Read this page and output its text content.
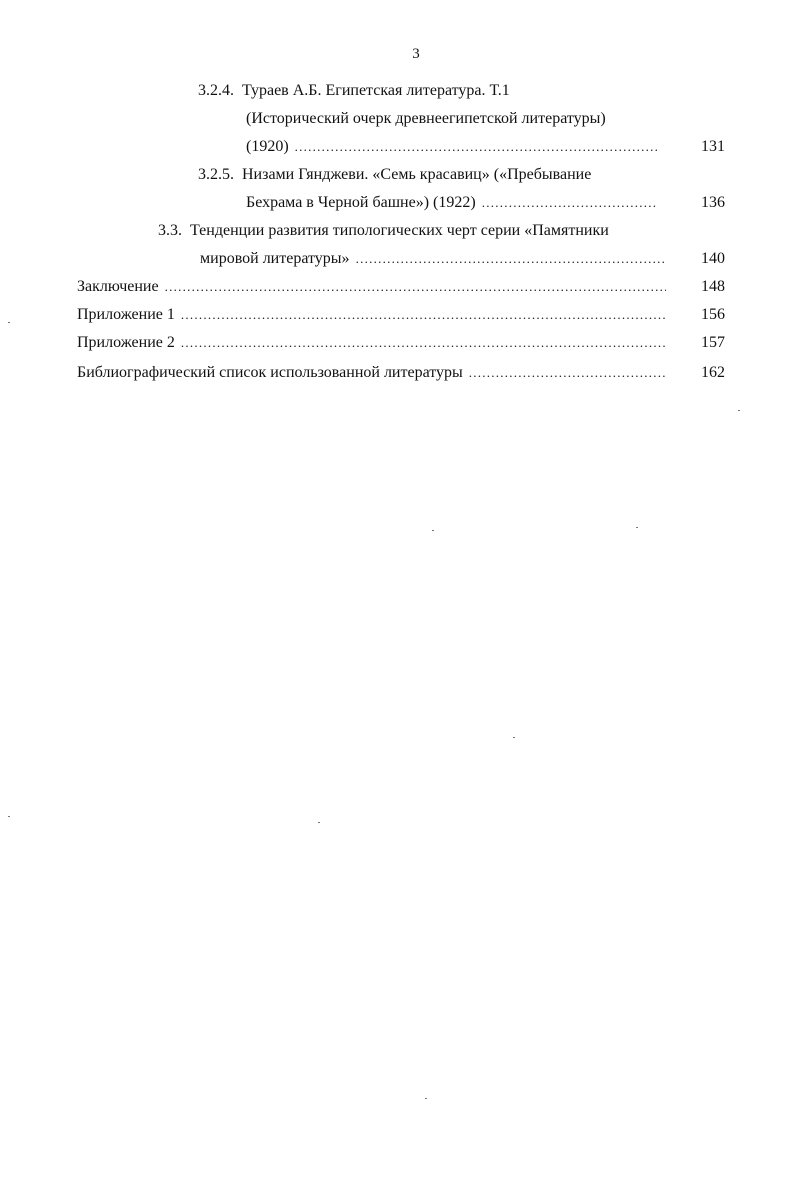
3
3.2.4. Тураев А.Б. Египетская литература. Т.1
(Исторический очерк древнеегипетской литературы)
(1920) . . .	131
3.2.5. Низами Гянджеви. «Семь красавиц» («Пребывание
Бехрама в Черной башне») (1922) . . .	136
3.3. Тенденции развития типологических черт серии «Памятники
мировой литературы» . . .	140
Заключение . . .	148
Приложение 1 . . .	156
Приложение 2 . . .	157
Библиографический список использованной литературы . . .	162
